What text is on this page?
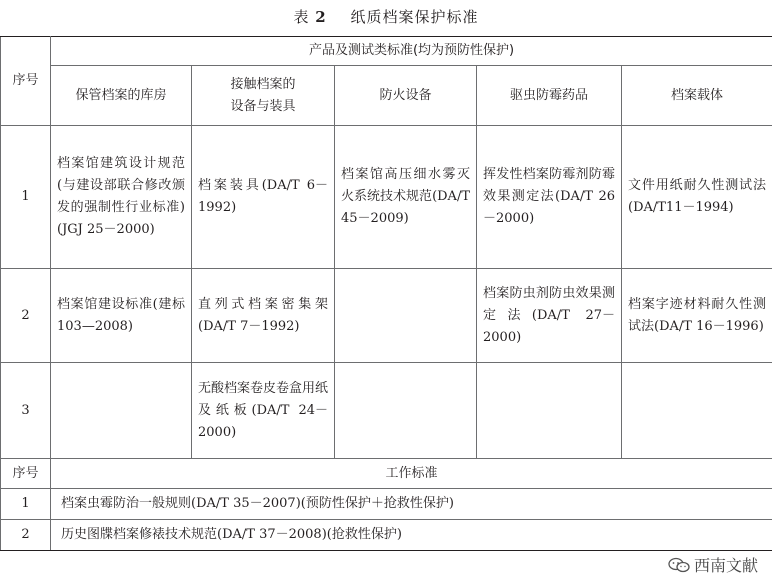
表 2 纸质档案保护标准
序号	产品及测试类标准(均为预防性保护)				
	保管档案的库房	接触档案的
设备与装具	防火设备	驱虫防霉药品	档案载体
1	档案馆建筑设计规范(与建设部联合修改颁发的强制性行业标准)(JGJ 25－2000)	档案装具(DA/T 6－1992)	档案馆高压细水雾灭火系统技术规范(DA/T 45－2009)	挥发性档案防霉剂防霉效果测定法(DA/T 26－2000)	文件用纸耐久性测试法(DA/T11－1994)
2	档案馆建设标准(建标 103—2008)	直列式档案密集架(DA/T 7－1992)		档案防虫剂防虫效果测定法(DA/T 27－2000)	档案字迹材料耐久性测试法(DA/T 16－1996)
3		无酸档案卷皮卷盒用纸及纸板(DA/T 24－2000)			
序号	工作标准				
1	档案虫霉防治一般规则(DA/T 35－2007)(预防性保护＋抢救性保护)				
2	历史图牒档案修裱技术规范(DA/T 37－2008)(抢救性保护)				
西南文献
